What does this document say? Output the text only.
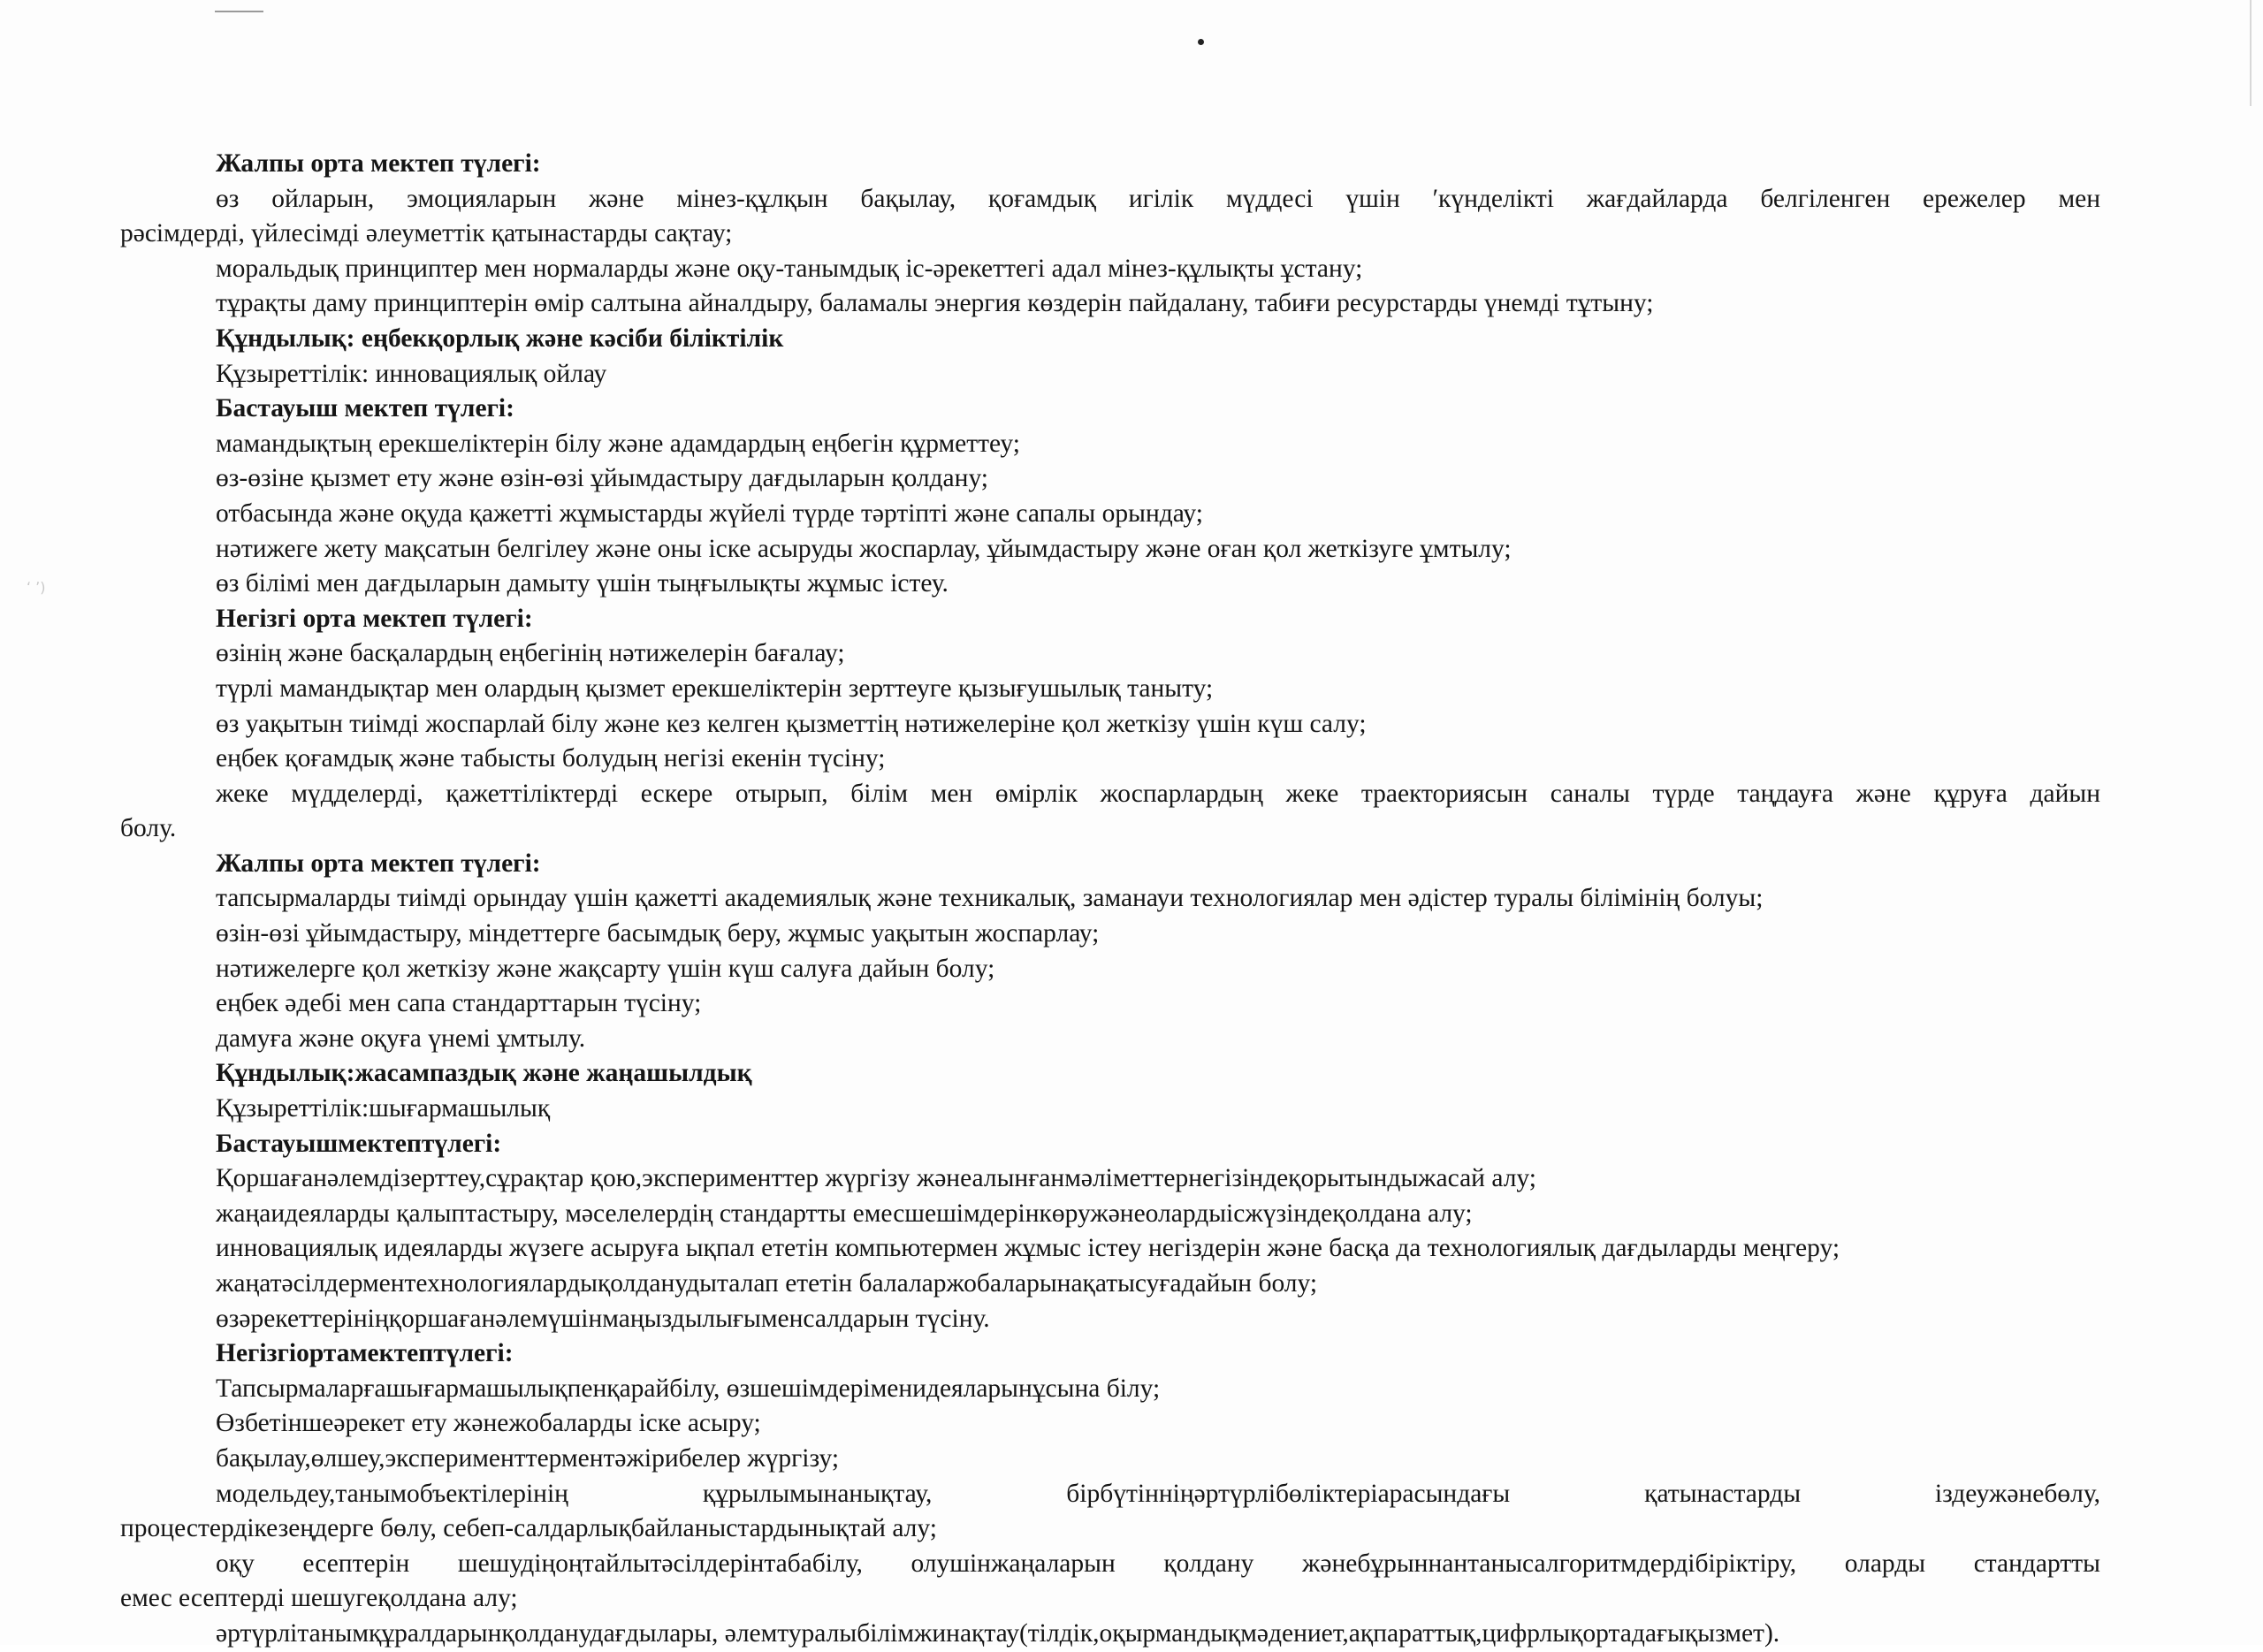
ʻ ʼ)
Жалпы орта мектеп түлегі:
өз ойларын, эмоцияларын және мінез-құлқын бақылау, қоғамдық игілік мүддесі үшін ʹкүнделікті жағдайларда белгіленген ережелер мен
рәсімдерді, үйлесімді әлеуметтік қатынастарды сақтау;
моральдық принциптер мен нормаларды және оқу-танымдық іс-әрекеттегі адал мінез-құлықты ұстану;
тұрақты даму принциптерін өмір салтына айналдыру, баламалы энергия көздерін пайдалану, табиғи ресурстарды үнемді тұтыну;
Құндылық: еңбекқорлық және кәсіби біліктілік
Құзыреттілік: инновациялық ойлау
Бастауыш мектеп түлегі:
мамандықтың ерекшеліктерін білу және адамдардың еңбегін құрметтеу;
өз-өзіне қызмет ету және өзін-өзі ұйымдастыру дағдыларын қолдану;
отбасында және оқуда қажетті жұмыстарды жүйелі түрде тәртіпті және сапалы орындау;
нәтижеге жету мақсатын белгілеу және оны іске асыруды жоспарлау, ұйымдастыру және оған қол жеткізуге ұмтылу;
өз білімі мен дағдыларын дамыту үшін тыңғылықты жұмыс істеу.
Негізгі орта мектеп түлегі:
өзінің және басқалардың еңбегінің нәтижелерін бағалау;
түрлі мамандықтар мен олардың қызмет ерекшеліктерін зерттеуге қызығушылық таныту;
өз уақытын тиімді жоспарлай білу және кез келген қызметтің нәтижелеріне қол жеткізу үшін күш салу;
еңбек қоғамдық және табысты болудың негізі екенін түсіну;
жеке мүдделерді, қажеттіліктерді ескере отырып, білім мен өмірлік жоспарлардың жеке траекториясын саналы түрде таңдауға және құруға дайын
болу.
Жалпы орта мектеп түлегі:
тапсырмаларды тиімді орындау үшін қажетті академиялық және техникалық, заманауи технологиялар мен әдістер туралы білімінің болуы;
өзін-өзі ұйымдастыру, міндеттерге басымдық беру, жұмыс уақытын жоспарлау;
нәтижелерге қол жеткізу және жақсарту үшін күш салуға дайын болу;
еңбек әдебі мен сапа стандарттарын түсіну;
дамуға және оқуға үнемі ұмтылу.
Құндылық:жасампаздық және жаңашылдық
Құзыреттілік:шығармашылық
Бастауышмектептүлегі:
Қоршағанәлемдізерттеу,сұрақтар қою,эксперименттер жүргізу жәнеалынғанмәліметтернегізіндеқорытындыжасай алу;
жаңаидеяларды қалыптастыру, мәселелердің стандартты емесшешімдерінкөружәнеолардыісжүзіндеқолдана алу;
инновациялық идеяларды жүзеге асыруға ықпал ететін компьютермен жұмыс істеу негіздерін және басқа да технологиялық дағдыларды меңгеру;
жаңатәсілдерментехнологиялардықолданудыталап ететін балаларжобаларынақатысуғадайын болу;
өзәрекеттерініңқоршағанәлемүшінмаңыздылығыменсалдарын түсіну.
Негізгіортамектептүлегі:
Тапсырмаларғашығармашылықпенқарайбілу, өзшешімдеріменидеяларынұсына білу;
Өзбетіншеәрекет ету жәнежобаларды іске асыру;
бақылау,өлшеу,эксперименттерментәжірибелер жүргізу;
модельдеу,танымобъектілерінің құрылымынанықтау, бірбүтінніңәртүрлібөліктеріарасындағы қатынастарды іздеужәнебөлу,
процестердікезеңдерге бөлу, себеп-салдарлықбайланыстардынықтай алу;
оқу есептерін шешудіңоңтайлытәсілдерінтабабілу, олушінжаңаларын қолдану жәнебұрыннантанысалгоритмдердібіріктіру, оларды стандартты
емес есептерді шешугеқолдана алу;
әртүрлітанымқұралдарынқолданудағдылары, әлемтуралыбілімжинақтау(тілдік,оқырмандықмәдениет,ақпараттық,цифрлықортадағықызмет).
